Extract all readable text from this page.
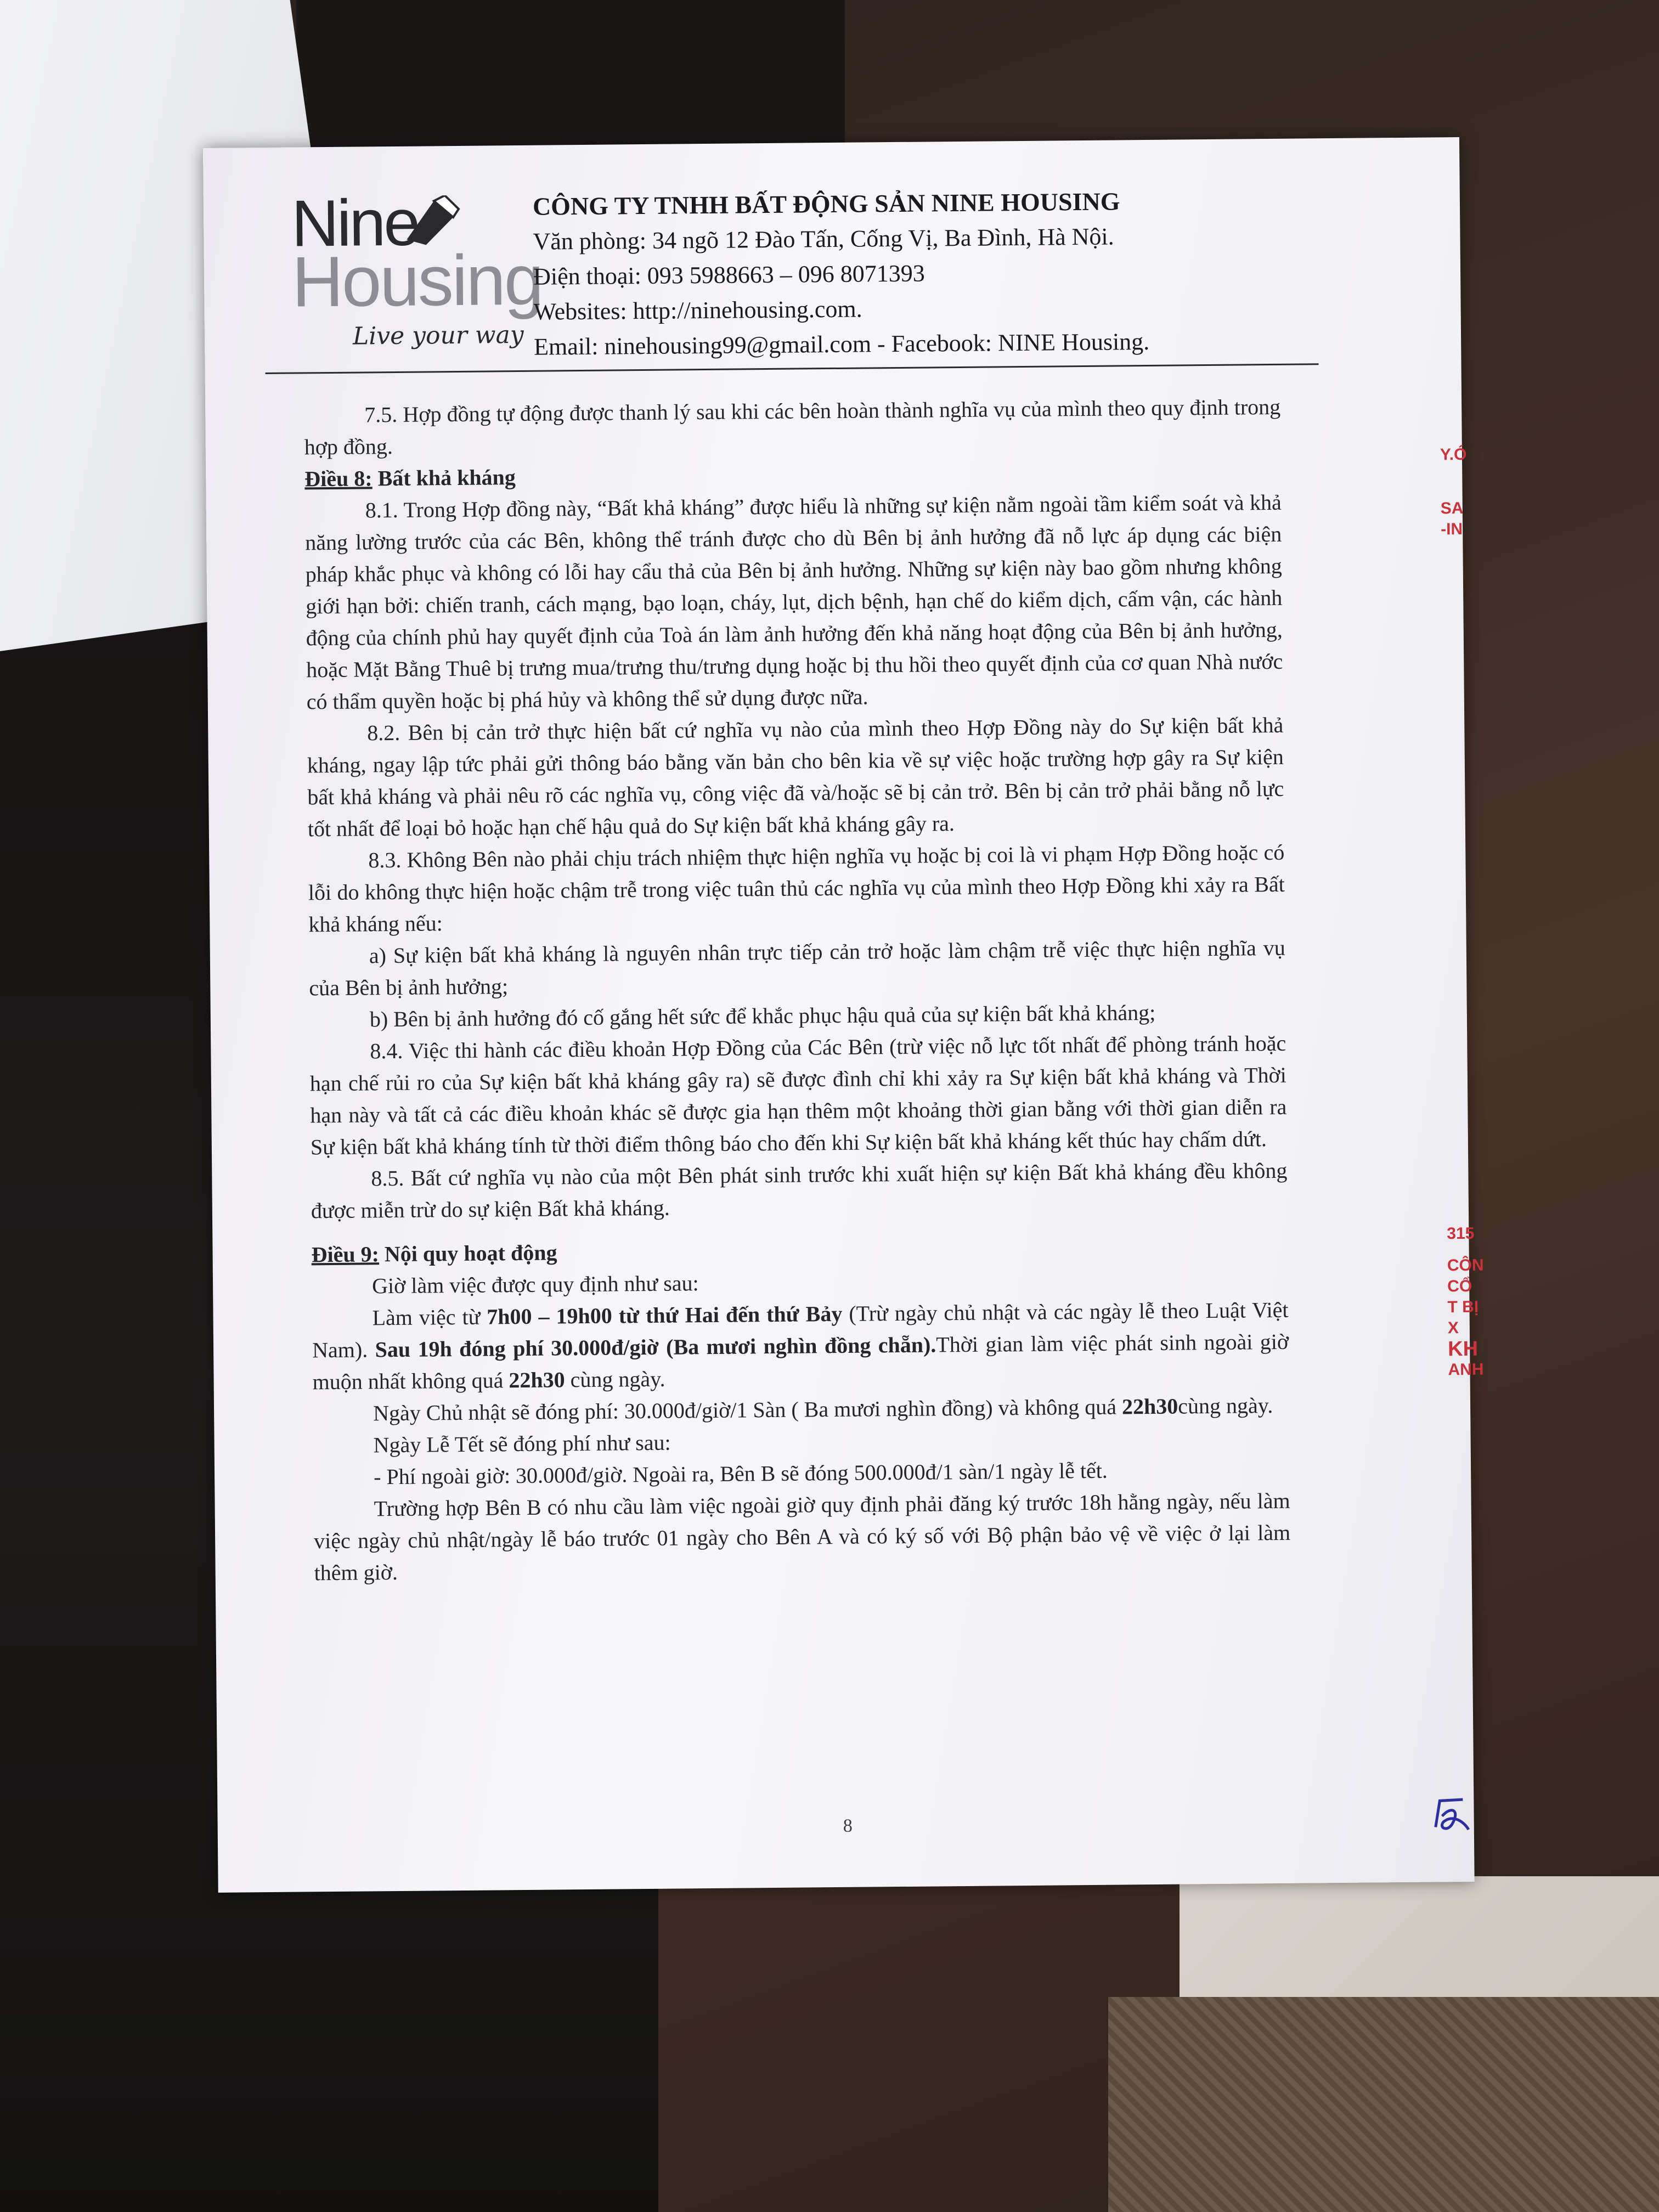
Nine
Housing
Live your way
CÔNG TY TNHH BẤT ĐỘNG SẢN NINE HOUSING
Văn phòng: 34 ngõ 12 Đào Tấn, Cống Vị, Ba Đình, Hà Nội.
Điện thoại: 093 5988663 – 096 8071393
Websites: http://ninehousing.com.
Email: ninehousing99@gmail.com - Facebook: NINE Housing.

7.5. Hợp đồng tự động được thanh lý sau khi các bên hoàn thành nghĩa vụ của mình theo quy định trong hợp đồng.

Điều 8: Bất khả kháng

8.1. Trong Hợp đồng này, “Bất khả kháng” được hiểu là những sự kiện nằm ngoài tầm kiểm soát và khả năng lường trước của các Bên, không thể tránh được cho dù Bên bị ảnh hưởng đã nỗ lực áp dụng các biện pháp khắc phục và không có lỗi hay cẩu thả của Bên bị ảnh hưởng. Những sự kiện này bao gồm nhưng không giới hạn bởi: chiến tranh, cách mạng, bạo loạn, cháy, lụt, dịch bệnh, hạn chế do kiểm dịch, cấm vận, các hành động của chính phủ hay quyết định của Toà án làm ảnh hưởng đến khả năng hoạt động của Bên bị ảnh hưởng, hoặc Mặt Bằng Thuê bị trưng mua/trưng thu/trưng dụng hoặc bị thu hồi theo quyết định của cơ quan Nhà nước có thẩm quyền hoặc bị phá hủy và không thể sử dụng được nữa.

8.2. Bên bị cản trở thực hiện bất cứ nghĩa vụ nào của mình theo Hợp Đồng này do Sự kiện bất khả kháng, ngay lập tức phải gửi thông báo bằng văn bản cho bên kia về sự việc hoặc trường hợp gây ra Sự kiện bất khả kháng và phải nêu rõ các nghĩa vụ, công việc đã và/hoặc sẽ bị cản trở. Bên bị cản trở phải bằng nỗ lực tốt nhất để loại bỏ hoặc hạn chế hậu quả do Sự kiện bất khả kháng gây ra.

8.3. Không Bên nào phải chịu trách nhiệm thực hiện nghĩa vụ hoặc bị coi là vi phạm Hợp Đồng hoặc có lỗi do không thực hiện hoặc chậm trễ trong việc tuân thủ các nghĩa vụ của mình theo Hợp Đồng khi xảy ra Bất khả kháng nếu:

a) Sự kiện bất khả kháng là nguyên nhân trực tiếp cản trở hoặc làm chậm trễ việc thực hiện nghĩa vụ của Bên bị ảnh hưởng;

b) Bên bị ảnh hưởng đó cố gắng hết sức để khắc phục hậu quả của sự kiện bất khả kháng;

8.4. Việc thi hành các điều khoản Hợp Đồng của Các Bên (trừ việc nỗ lực tốt nhất để phòng tránh hoặc hạn chế rủi ro của Sự kiện bất khả kháng gây ra) sẽ được đình chỉ khi xảy ra Sự kiện bất khả kháng và Thời hạn này và tất cả các điều khoản khác sẽ được gia hạn thêm một khoảng thời gian bằng với thời gian diễn ra Sự kiện bất khả kháng tính từ thời điểm thông báo cho đến khi Sự kiện bất khả kháng kết thúc hay chấm dứt.

8.5. Bất cứ nghĩa vụ nào của một Bên phát sinh trước khi xuất hiện sự kiện Bất khả kháng đều không được miễn trừ do sự kiện Bất khả kháng.

Điều 9: Nội quy hoạt động

Giờ làm việc được quy định như sau:

Làm việc từ 7h00 – 19h00 từ thứ Hai đến thứ Bảy (Trừ ngày chủ nhật và các ngày lễ theo Luật Việt Nam). Sau 19h đóng phí 30.000đ/giờ (Ba mươi nghìn đồng chẵn).Thời gian làm việc phát sinh ngoài giờ muộn nhất không quá 22h30 cùng ngày.

Ngày Chủ nhật sẽ đóng phí: 30.000đ/giờ/1 Sàn ( Ba mươi nghìn đồng) và không quá 22h30cùng ngày.

Ngày Lễ Tết sẽ đóng phí như sau:

- Phí ngoài giờ: 30.000đ/giờ. Ngoài ra, Bên B sẽ đóng 500.000đ/1 sàn/1 ngày lễ tết.

Trường hợp Bên B có nhu cầu làm việc ngoài giờ quy định phải đăng ký trước 18h hằng ngày, nếu làm việc ngày chủ nhật/ngày lễ báo trước 01 ngày cho Bên A và có ký số với Bộ phận bảo vệ về việc ở lại làm thêm giờ.

8
Y.Ó
SA
-IN
315
CÔN
CỔ
T BỊ X
KH
ANH
